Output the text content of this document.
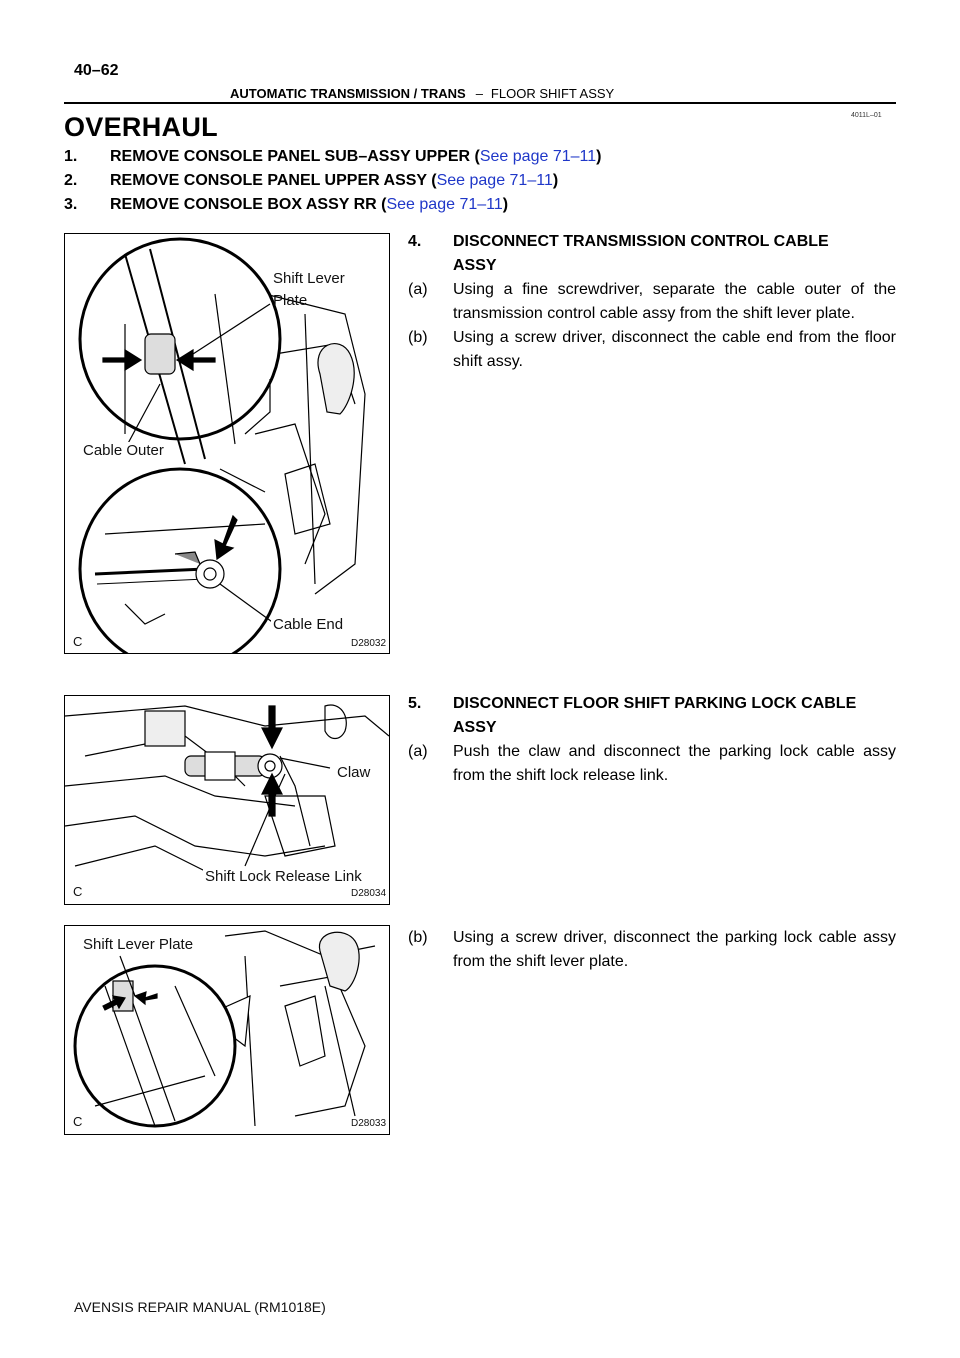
40–62
AUTOMATIC TRANSMISSION / TRANS – FLOOR SHIFT ASSY
4011L–01
OVERHAUL
1. REMOVE CONSOLE PANEL SUB–ASSY UPPER (See page 71–11)
2. REMOVE CONSOLE PANEL UPPER ASSY (See page 71–11)
3. REMOVE CONSOLE BOX ASSY RR (See page 71–11)
Shift Lever
Plate
Cable Outer
Cable End
C	D28032
Claw
Shift Lock Release Link
C	D28034
Shift Lever Plate
C	D28033
4.	DISCONNECT TRANSMISSION CONTROL CABLE
ASSY
(a)	Using a fine screwdriver, separate the cable outer of the transmission control cable assy from the shift lever plate.
(b)	Using a screw driver, disconnect the cable end from the floor shift assy.
5.	DISCONNECT FLOOR SHIFT PARKING LOCK CABLE
ASSY
(a)	Push the claw and disconnect the parking lock cable assy from the shift lock release link.
(b)	Using a screw driver, disconnect the parking lock cable assy from the shift lever plate.
AVENSIS REPAIR MANUAL (RM1018E)
